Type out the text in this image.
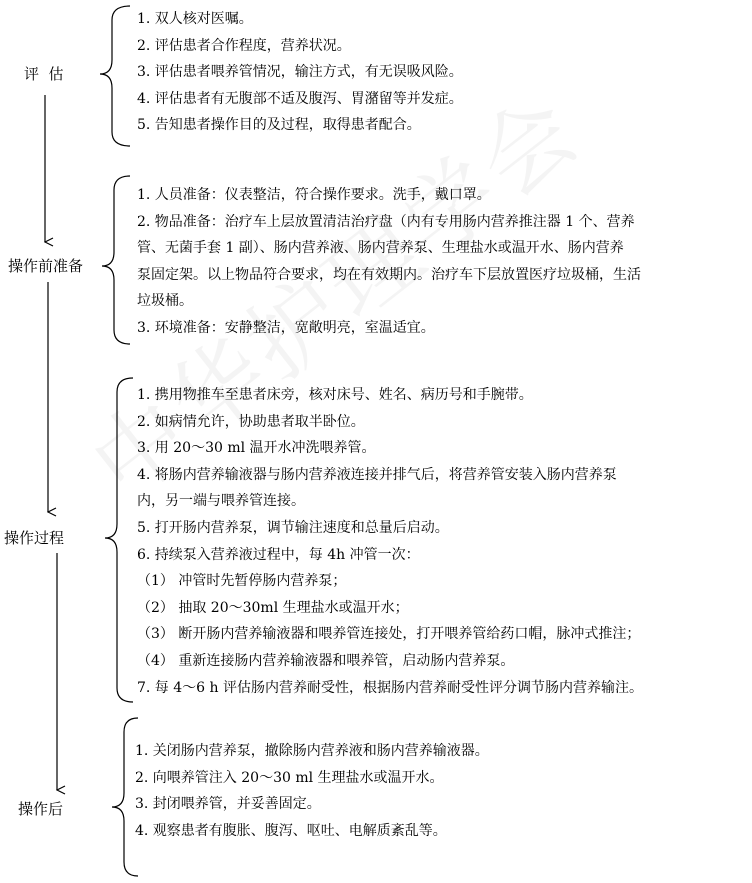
评  估
操作前准备
操作过程
操作后
1. 双人核对医嘱。
2. 评估患者合作程度，营养状况。
3. 评估患者喂养管情况，输注方式，有无误吸风险。
4. 评估患者有无腹部不适及腹泻、胃潴留等并发症。
5. 告知患者操作目的及过程，取得患者配合。
1. 人员准备：仪表整洁，符合操作要求。洗手，戴口罩。
2. 物品准备：治疗车上层放置清洁治疗盘（内有专用肠内营养推注器 1 个、营养
管、无菌手套 1 副）、肠内营养液、肠内营养泵、生理盐水或温开水、肠内营养
泵固定架。以上物品符合要求，均在有效期内。治疗车下层放置医疗垃圾桶，生活
垃圾桶。
3. 环境准备：安静整洁，宽敞明亮，室温适宜。
1. 携用物推车至患者床旁，核对床号、姓名、病历号和手腕带。
2. 如病情允许，协助患者取半卧位。
3. 用 20～30 ml 温开水冲洗喂养管。
4. 将肠内营养输液器与肠内营养液连接并排气后，将营养管安装入肠内营养泵
内，另一端与喂养管连接。
5. 打开肠内营养泵，调节输注速度和总量后启动。
6. 持续泵入营养液过程中，每 4h 冲管一次：
（1） 冲管时先暂停肠内营养泵；
（2） 抽取 20～30ml 生理盐水或温开水；
（3） 断开肠内营养输液器和喂养管连接处，打开喂养管给药口帽，脉冲式推注；
（4） 重新连接肠内营养输液器和喂养管，启动肠内营养泵。
7. 每 4～6 h 评估肠内营养耐受性，根据肠内营养耐受性评分调节肠内营养输注。
1. 关闭肠内营养泵，撤除肠内营养液和肠内营养输液器。
2. 向喂养管注入 20～30 ml 生理盐水或温开水。
3. 封闭喂养管，并妥善固定。
4. 观察患者有腹胀、腹泻、呕吐、电解质紊乱等。
